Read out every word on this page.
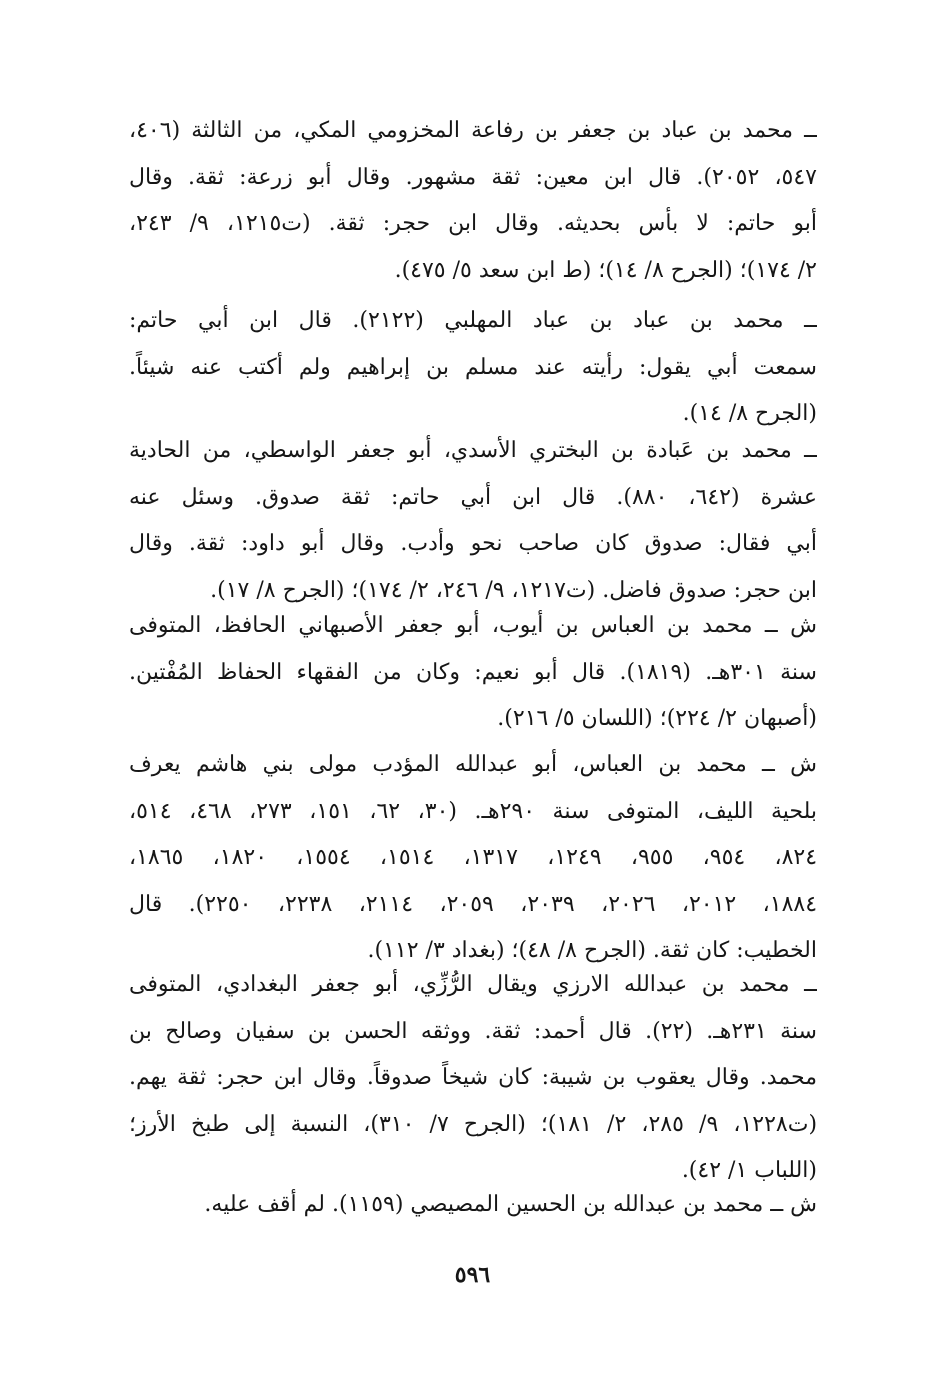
ــ محمد بن عباد بن جعفر بن رفاعة المخزومي المكي، من الثالثة (٤٠٦،
٥٤٧، ٢٠٥٢). قال ابن معين: ثقة مشهور. وقال أبو زرعة: ثقة. وقال
أبو حاتم: لا بأس بحديثه. وقال ابن حجر: ثقة. (ت١٢١٥، ٩/ ٢٤٣،
٢/ ١٧٤)؛ (الجرح ٨/ ١٤)؛ (ط ابن سعد ٥/ ٤٧٥).
ــ محمد بن عباد بن عباد المهلبي (٢١٢٢). قال ابن أبي حاتم:
سمعت أبي يقول: رأيته عند مسلم بن إبراهيم ولم أكتب عنه شيئاً.
(الجرح ٨/ ١٤).
ــ محمد بن عَبادة بن البختري الأسدي، أبو جعفر الواسطي، من الحادية
عشرة (٦٤٢، ٨٨٠). قال ابن أبي حاتم: ثقة صدوق. وسئل عنه
أبي فقال: صدوق كان صاحب نحو وأدب. وقال أبو داود: ثقة. وقال
ابن حجر: صدوق فاضل. (ت١٢١٧، ٩/ ٢٤٦، ٢/ ١٧٤)؛ (الجرح ٨/ ١٧).
ش ــ محمد بن العباس بن أيوب، أبو جعفر الأصبهاني الحافظ، المتوفى
سنة ٣٠١هـ. (١٨١٩). قال أبو نعيم: وكان من الفقهاء الحفاظ المُفْتين.
(أصبهان ٢/ ٢٢٤)؛ (اللسان ٥/ ٢١٦).
ش ــ محمد بن العباس، أبو عبدالله المؤدب مولى بني هاشم يعرف
بلحية الليف، المتوفى سنة ٢٩٠هـ. (٣٠، ٦٢، ١٥١، ٢٧٣، ٤٦٨، ٥١٤،
٨٢٤، ٩٥٤، ٩٥٥، ١٢٤٩، ١٣١٧، ١٥١٤، ١٥٥٤، ١٨٢٠، ١٨٦٥،
١٨٨٤، ٢٠١٢، ٢٠٢٦، ٢٠٣٩، ٢٠٥٩، ٢١١٤، ٢٢٣٨، ٢٢٥٠). قال
الخطيب: كان ثقة. (الجرح ٨/ ٤٨)؛ (بغداد ٣/ ١١٢).
ــ محمد بن عبدالله الارزي ويقال الرُّزِّي، أبو جعفر البغدادي، المتوفى
سنة ٢٣١هـ. (٢٢). قال أحمد: ثقة. ووثقه الحسن بن سفيان وصالح بن
محمد. وقال يعقوب بن شيبة: كان شيخاً صدوقاً. وقال ابن حجر: ثقة يهم.
(ت١٢٢٨، ٩/ ٢٨٥، ٢/ ١٨١)؛ (الجرح ٧/ ٣١٠)، النسبة إلى طبخ الأرز؛
(اللباب ١/ ٤٢).
ش ــ محمد بن عبدالله بن الحسين المصيصي (١١٥٩). لم أقف عليه.
٥٩٦
